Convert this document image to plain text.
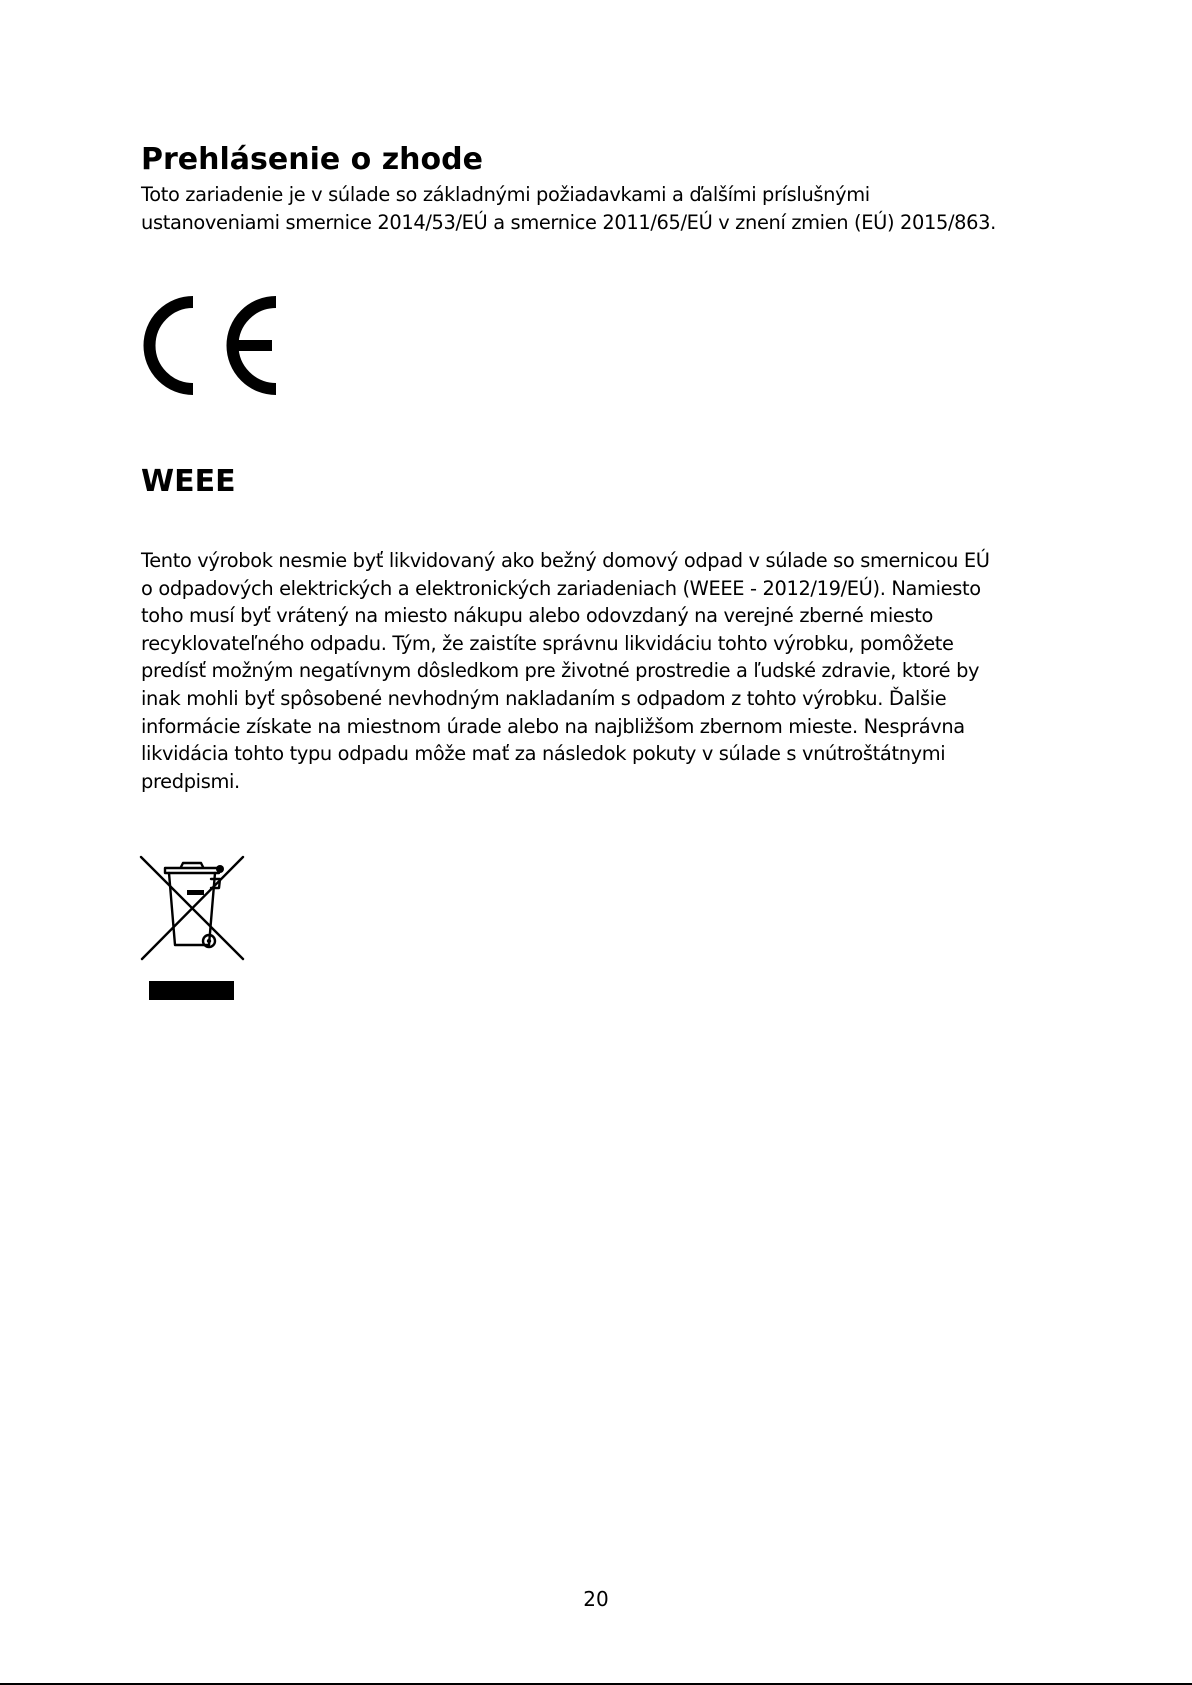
Prehlásenie o zhode

Toto zariadenie je v súlade so základnými požiadavkami a ďalšími príslušnými
ustanoveniami smernice 2014/53/EÚ a smernice 2011/65/EÚ v znení zmien (EÚ) 2015/863.

WEEE

Tento výrobok nesmie byť likvidovaný ako bežný domový odpad v súlade so smernicou EÚ
o odpadových elektrických a elektronických zariadeniach (WEEE - 2012/19/EÚ). Namiesto
toho musí byť vrátený na miesto nákupu alebo odovzdaný na verejné zberné miesto
recyklovateľného odpadu. Tým, že zaistíte správnu likvidáciu tohto výrobku, pomôžete
predísť možným negatívnym dôsledkom pre životné prostredie a ľudské zdravie, ktoré by
inak mohli byť spôsobené nevhodným nakladaním s odpadom z tohto výrobku. Ďalšie
informácie získate na miestnom úrade alebo na najbližšom zbernom mieste. Nesprávna
likvidácia tohto typu odpadu môže mať za následok pokuty v súlade s vnútroštátnymi
predpismi.

20
